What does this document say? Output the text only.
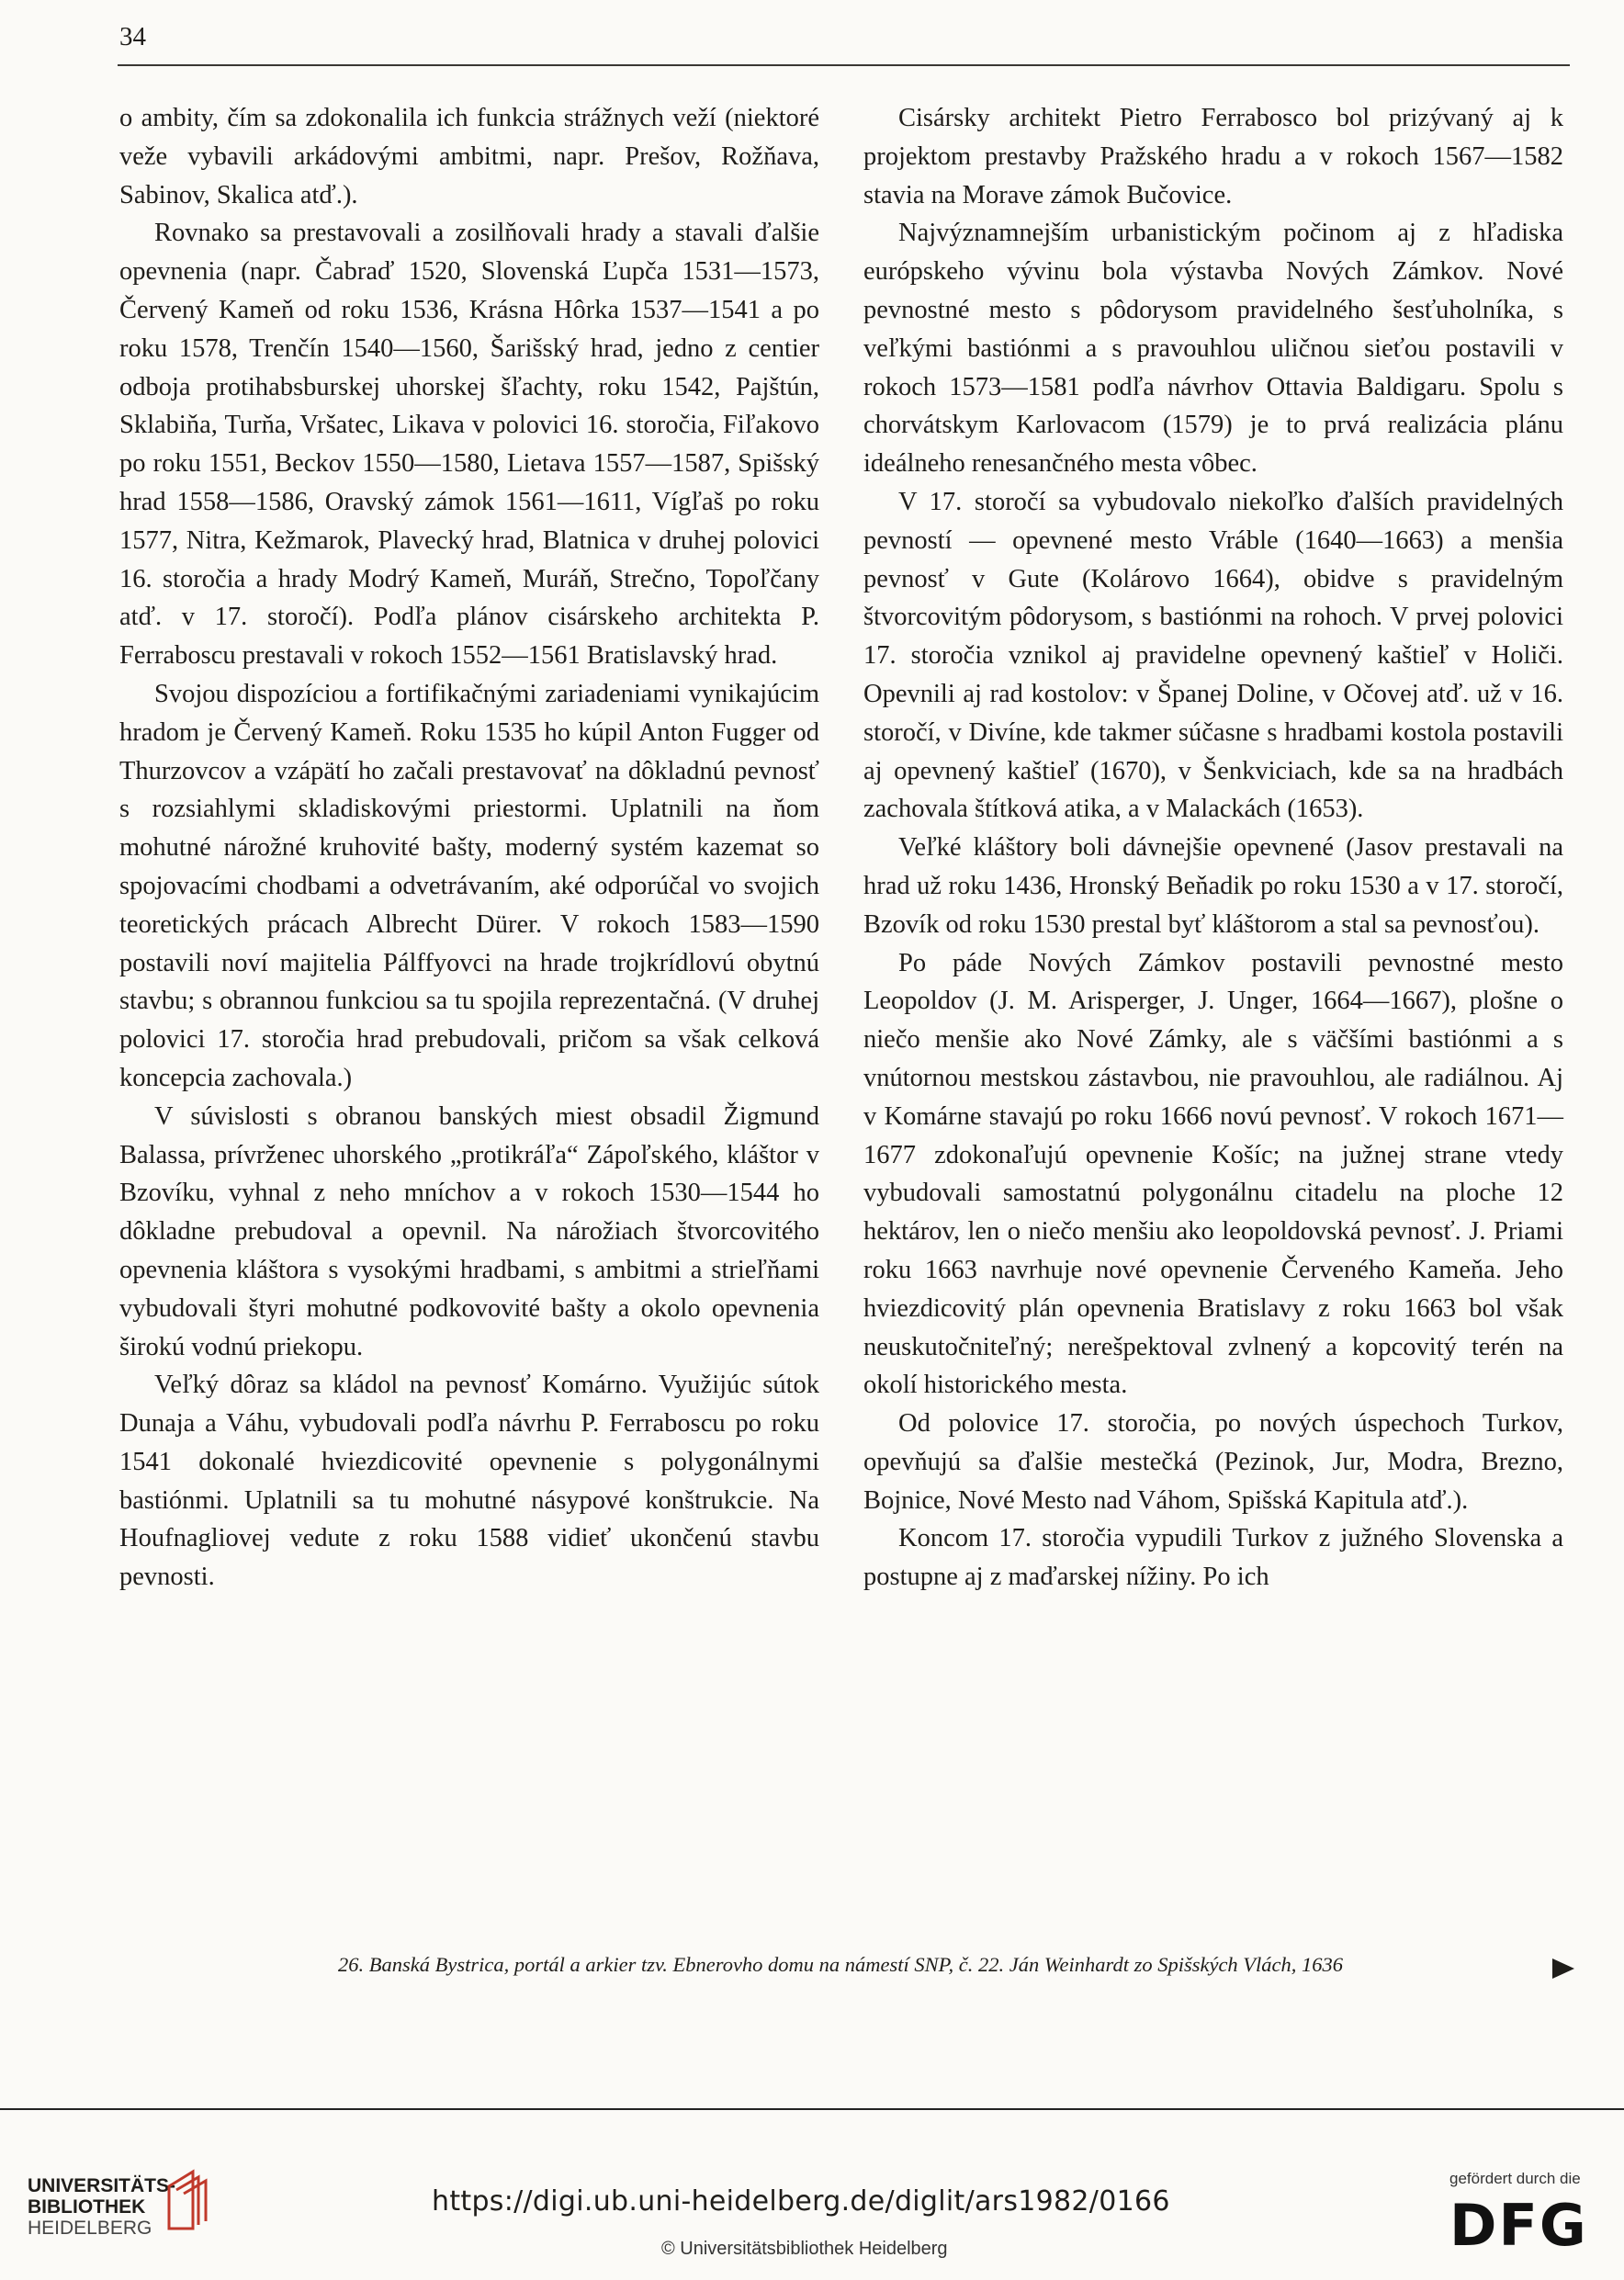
34

o ambity, čím sa zdokonalila ich funkcia strážnych veží (niektoré veže vybavili arkádovými ambitmi, napr. Prešov, Rožňava, Sabinov, Skalica atď.).

Rovnako sa prestavovali a zosilňovali hrady a stavali ďalšie opevnenia (napr. Čabraď 1520, Slovenská Ľupča 1531—1573, Červený Kameň od roku 1536, Krásna Hôrka 1537—1541 a po roku 1578, Trenčín 1540—1560, Šarišský hrad, jedno z centier odboja protihabsburskej uhorskej šľachty, roku 1542, Pajštún, Sklabiňa, Turňa, Vršatec, Likava v polovici 16. storočia, Fiľakovo po roku 1551, Beckov 1550—1580, Lietava 1557—1587, Spišský hrad 1558—1586, Oravský zámok 1561—1611, Vígľaš po roku 1577, Nitra, Kežmarok, Plavecký hrad, Blatnica v druhej polovici 16. storočia a hrady Modrý Kameň, Muráň, Strečno, Topoľčany atď. v 17. storočí). Podľa plánov cisárskeho architekta P. Ferraboscu prestavali v rokoch 1552—1561 Bratislavský hrad.

Svojou dispozíciou a fortifikačnými zariadeniami vynikajúcim hradom je Červený Kameň. Roku 1535 ho kúpil Anton Fugger od Thurzovcov a vzápätí ho začali prestavovať na dôkladnú pevnosť s rozsiahlymi skladiskovými priestormi. Uplatnili na ňom mohutné nárožné kruhovité bašty, moderný systém kazemat so spojovacími chodbami a odvetrávaním, aké odporúčal vo svojich teoretických prácach Albrecht Dürer. V rokoch 1583—1590 postavili noví majitelia Pálffyovci na hrade trojkrídlovú obytnú stavbu; s obrannou funkciou sa tu spojila reprezentačná. (V druhej polovici 17. storočia hrad prebudovali, pričom sa však celková koncepcia zachovala.)

V súvislosti s obranou banských miest obsadil Žigmund Balassa, prívrženec uhorského „protikráľa“ Zápoľského, kláštor v Bzovíku, vyhnal z neho mníchov a v rokoch 1530—1544 ho dôkladne prebudoval a opevnil. Na nárožiach štvorcovitého opevnenia kláštora s vysokými hradbami, s ambitmi a strieľňami vybudovali štyri mohutné podkovovité bašty a okolo opevnenia širokú vodnú priekopu.

Veľký dôraz sa kládol na pevnosť Komárno. Využijúc sútok Dunaja a Váhu, vybudovali podľa návrhu P. Ferraboscu po roku 1541 dokonalé hviezdicovité opevnenie s polygonálnymi bastiónmi. Uplatnili sa tu mohutné násypové konštrukcie. Na Houfnagliovej vedute z roku 1588 vidieť ukončenú stavbu pevnosti.

Cisársky architekt Pietro Ferrabosco bol prizývaný aj k projektom prestavby Pražského hradu a v rokoch 1567—1582 stavia na Morave zámok Bučovice.

Najvýznamnejším urbanistickým počinom aj z hľadiska európskeho vývinu bola výstavba Nových Zámkov. Nové pevnostné mesto s pôdorysom pravidelného šesťuholníka, s veľkými bastiónmi a s pravouhlou uličnou sieťou postavili v rokoch 1573—1581 podľa návrhov Ottavia Baldigaru. Spolu s chorvátskym Karlovacom (1579) je to prvá realizácia plánu ideálneho renesančného mesta vôbec.

V 17. storočí sa vybudovalo niekoľko ďalších pravidelných pevností — opevnené mesto Vráble (1640—1663) a menšia pevnosť v Gute (Kolárovo 1664), obidve s pravidelným štvorcovitým pôdorysom, s bastiónmi na rohoch. V prvej polovici 17. storočia vznikol aj pravidelne opevnený kaštieľ v Holiči. Opevnili aj rad kostolov: v Španej Doline, v Očovej atď. už v 16. storočí, v Divíne, kde takmer súčasne s hradbami kostola postavili aj opevnený kaštieľ (1670), v Šenkviciach, kde sa na hradbách zachovala štítková atika, a v Malackách (1653).

Veľké kláštory boli dávnejšie opevnené (Jasov prestavali na hrad už roku 1436, Hronský Beňadik po roku 1530 a v 17. storočí, Bzovík od roku 1530 prestal byť kláštorom a stal sa pevnosťou).

Po páde Nových Zámkov postavili pevnostné mesto Leopoldov (J. M. Arisperger, J. Unger, 1664—1667), plošne o niečo menšie ako Nové Zámky, ale s väčšími bastiónmi a s vnútornou mestskou zástavbou, nie pravouhlou, ale radiálnou. Aj v Komárne stavajú po roku 1666 novú pevnosť. V rokoch 1671—1677 zdokonaľujú opevnenie Košíc; na južnej strane vtedy vybudovali samostatnú polygonálnu citadelu na ploche 12 hektárov, len o niečo menšiu ako leopoldovská pevnosť. J. Priami roku 1663 navrhuje nové opevnenie Červeného Kameňa. Jeho hviezdicovitý plán opevnenia Bratislavy z roku 1663 bol však neuskutočniteľný; nerešpektoval zvlnený a kopcovitý terén na okolí historického mesta.

Od polovice 17. storočia, po nových úspechoch Turkov, opevňujú sa ďalšie mestečká (Pezinok, Jur, Modra, Brezno, Bojnice, Nové Mesto nad Váhom, Spišská Kapitula atď.).

Koncom 17. storočia vypudili Turkov z južného Slovenska a postupne aj z maďarskej nížiny. Po ich

26. Banská Bystrica, portál a arkier tzv. Ebnerovho domu na námestí SNP, č. 22. Ján Weinhardt zo Spišských Vlách, 1636
UNIVERSITÄTS-
BIBLIOTHEK
HEIDELBERG
https://digi.ub.uni-heidelberg.de/diglit/ars1982/0166
© Universitätsbibliothek Heidelberg
gefördert durch die
DFG
